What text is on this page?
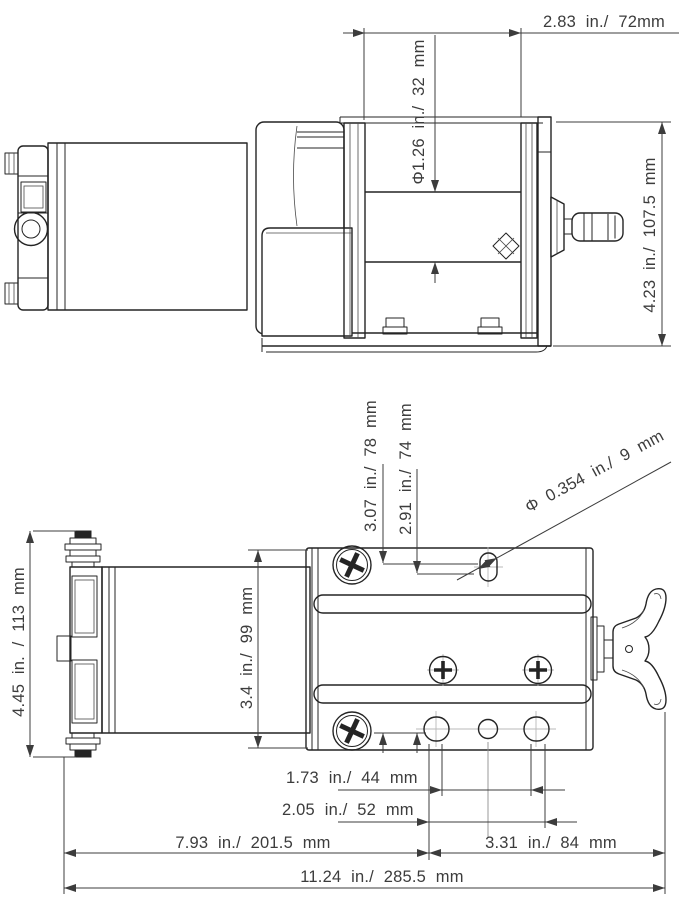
2.83 in./ 72mm
Φ1.26 in./ 32 mm
4.23 in./ 107.5 mm
4.45 in. / 113 mm	3.4 in./ 99 mm
3.07 in./ 78 mm 2.91 in./ 74 mm	Φ 0.354 in./ 9 mm
1.73 in./ 44 mm
2.05 in./ 52 mm
7.93 in./ 201.5 mm	3.31 in./ 84 mm
11.24 in./ 285.5 mm
